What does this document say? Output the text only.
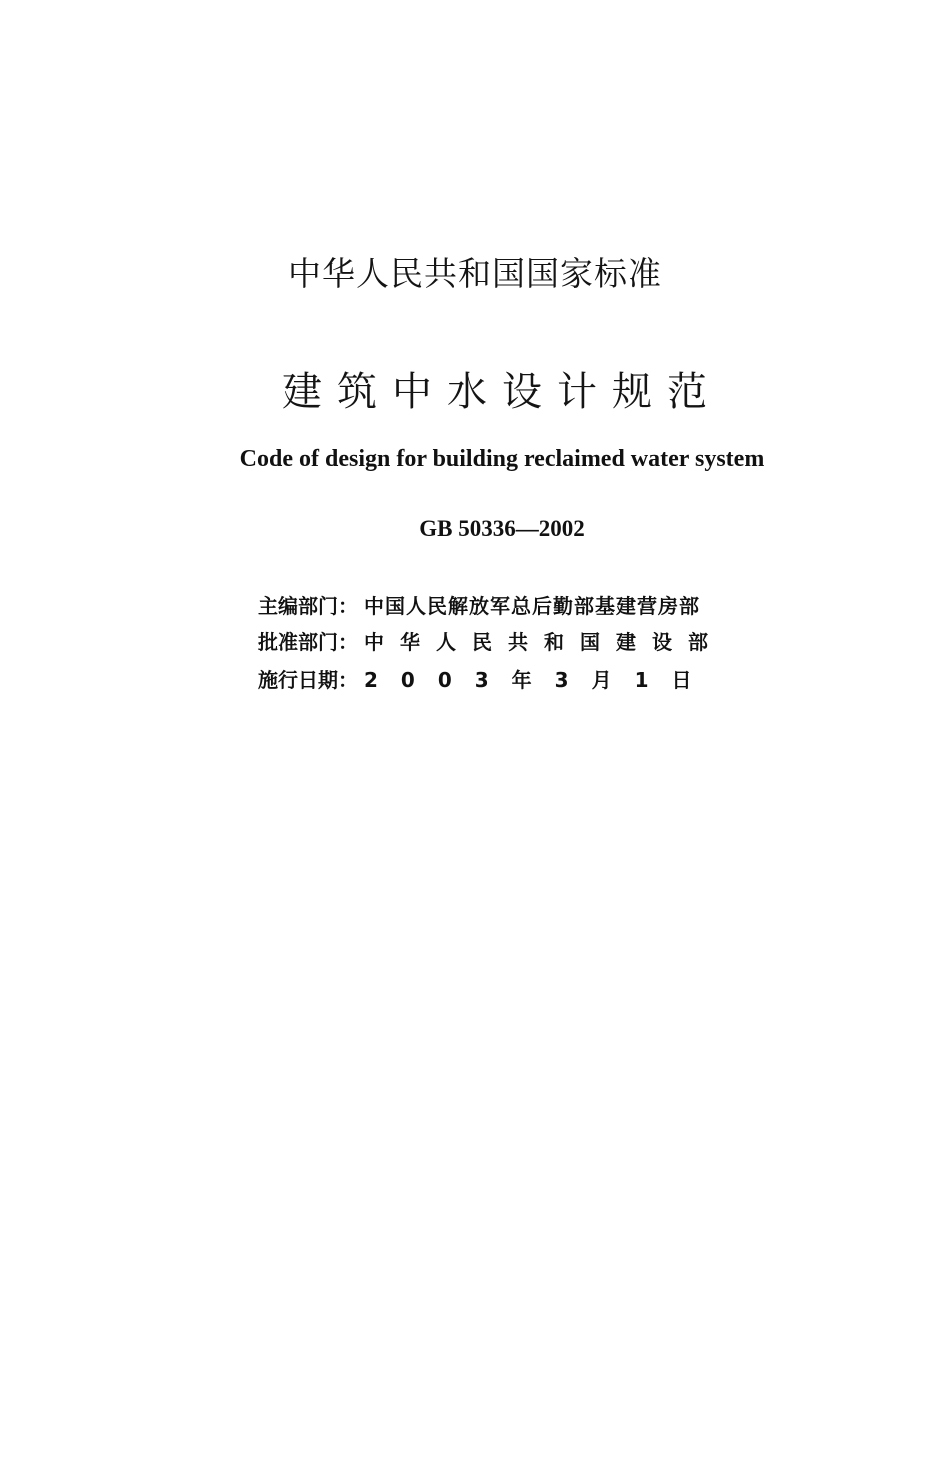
中华人民共和国国家标准
建筑中水设计规范
Code of design for building reclaimed water system
GB 50336—2002
主编部门： 中国人民解放军总后勤部基建营房部
批准部门： 中华人民共和国建设部
施行日期： 2003年3月1日
